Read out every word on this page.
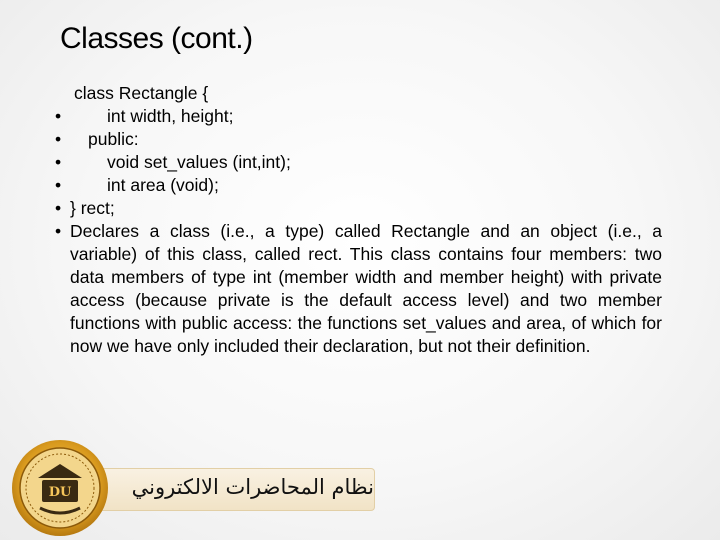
Classes (cont.)
class Rectangle {
•	int width, height;
• public:
•	void set_values (int,int);
•	int area (void);
• } rect;
• Declares a class (i.e., a type) called Rectangle and an object (i.e., a variable) of this class, called rect. This class contains four members: two data members of type int (member width and member height) with private access (because private is the default access level) and two member functions with public access: the functions set_values and area, of which for now we have only included their declaration, but not their definition.
نظام المحاضرات الالكتروني
DU
